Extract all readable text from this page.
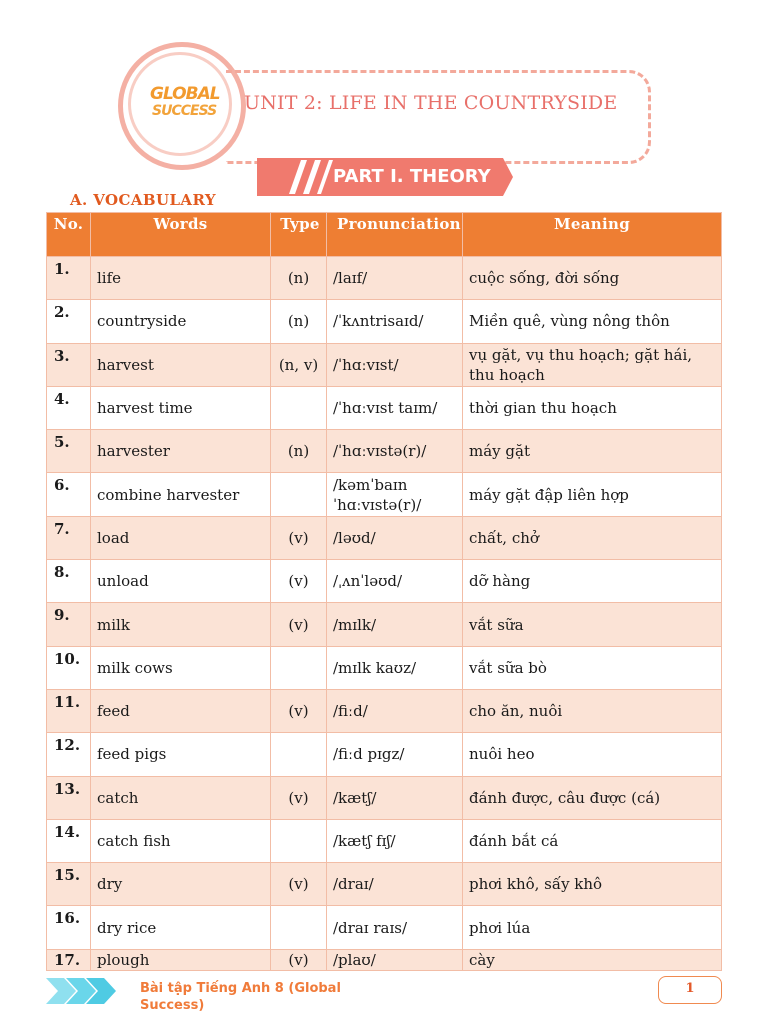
GLOBAL
SUCCESS UNIT 2: LIFE IN THE COUNTRYSIDE
PART I. THEORY
A. VOCABULARY
No.	Words	Type	Pronunciation	Meaning
1.	life	(n)	/laɪf/	cuộc sống, đời sống
2.	countryside	(n)	/ˈkʌntrisaɪd/	Miền quê, vùng nông thôn
3.	harvest	(n, v)	/ˈhɑːvɪst/	vụ gặt, vụ thu hoạch; gặt hái, thu hoạch
4.	harvest time		/ˈhɑːvɪst taɪm/	thời gian thu hoạch
5.	harvester	(n)	/ˈhɑːvɪstə(r)/	máy gặt
6.	combine harvester		/kəmˈbaɪn ˈhɑːvɪstə(r)/	máy gặt đập liên hợp
7.	load	(v)	/ləʊd/	chất, chở
8.	unload	(v)	/ˌʌnˈləʊd/	dỡ hàng
9.	milk	(v)	/mɪlk/	vắt sữa
10.	milk cows		/mɪlk kaʊz/	vắt sữa bò
11.	feed	(v)	/fiːd/	cho ăn, nuôi
12.	feed pigs		/fiːd pɪgz/	nuôi heo
13.	catch	(v)	/kætʃ/	đánh được, câu được (cá)
14.	catch fish		/kætʃ fɪʃ/	đánh bắt cá
15.	dry	(v)	/draɪ/	phơi khô, sấy khô
16.	dry rice		/draɪ raɪs/	phơi lúa
17.	plough	(v)	/plaʊ/	cày
Bài tập Tiếng Anh 8 (Global Success)
1
